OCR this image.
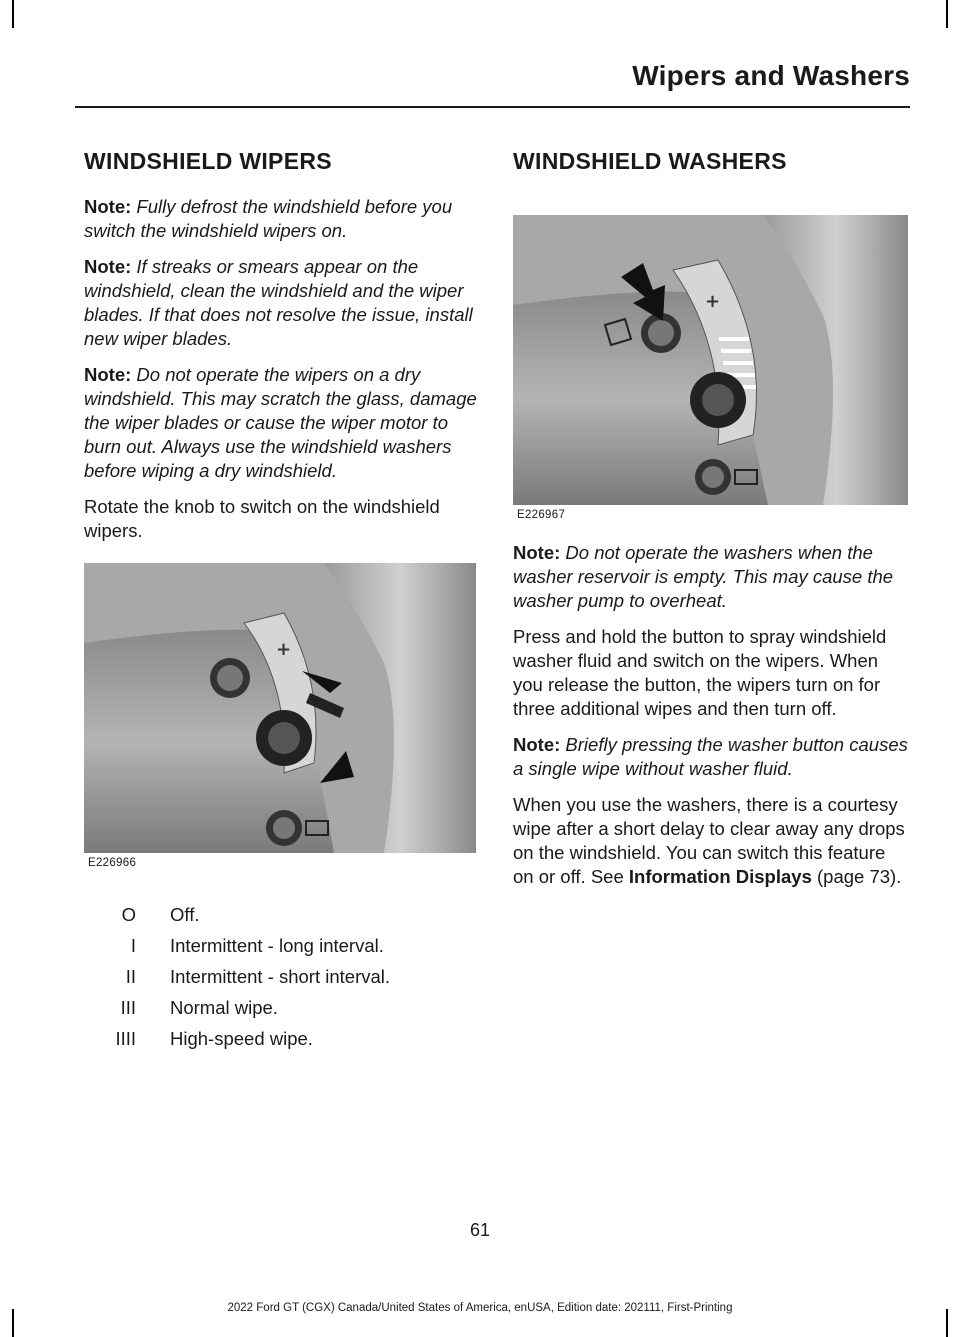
Wipers and Washers
WINDSHIELD WIPERS

Note: Fully defrost the windshield before you switch the windshield wipers on.

Note: If streaks or smears appear on the windshield, clean the windshield and the wiper blades. If that does not resolve the issue, install new wiper blades.

Note: Do not operate the wipers on a dry windshield. This may scratch the glass, damage the wiper blades or cause the wiper motor to burn out. Always use the windshield washers before wiping a dry windshield.

Rotate the knob to switch on the windshield wipers.

+
E226966
O Off.
I Intermittent - long interval.
II Intermittent - short interval.
III Normal wipe.
IIII High-speed wipe.
WINDSHIELD WASHERS
+
E226967

Note: Do not operate the washers when the washer reservoir is empty. This may cause the washer pump to overheat.

Press and hold the button to spray windshield washer fluid and switch on the wipers. When you release the button, the wipers turn on for three additional wipes and then turn off.

Note: Briefly pressing the washer button causes a single wipe without washer fluid.

When you use the washers, there is a courtesy wipe after a short delay to clear away any drops on the windshield. You can switch this feature on or off. See Information Displays (page 73).

61
2022 Ford GT (CGX) Canada/United States of America, enUSA, Edition date: 202111, First-Printing
